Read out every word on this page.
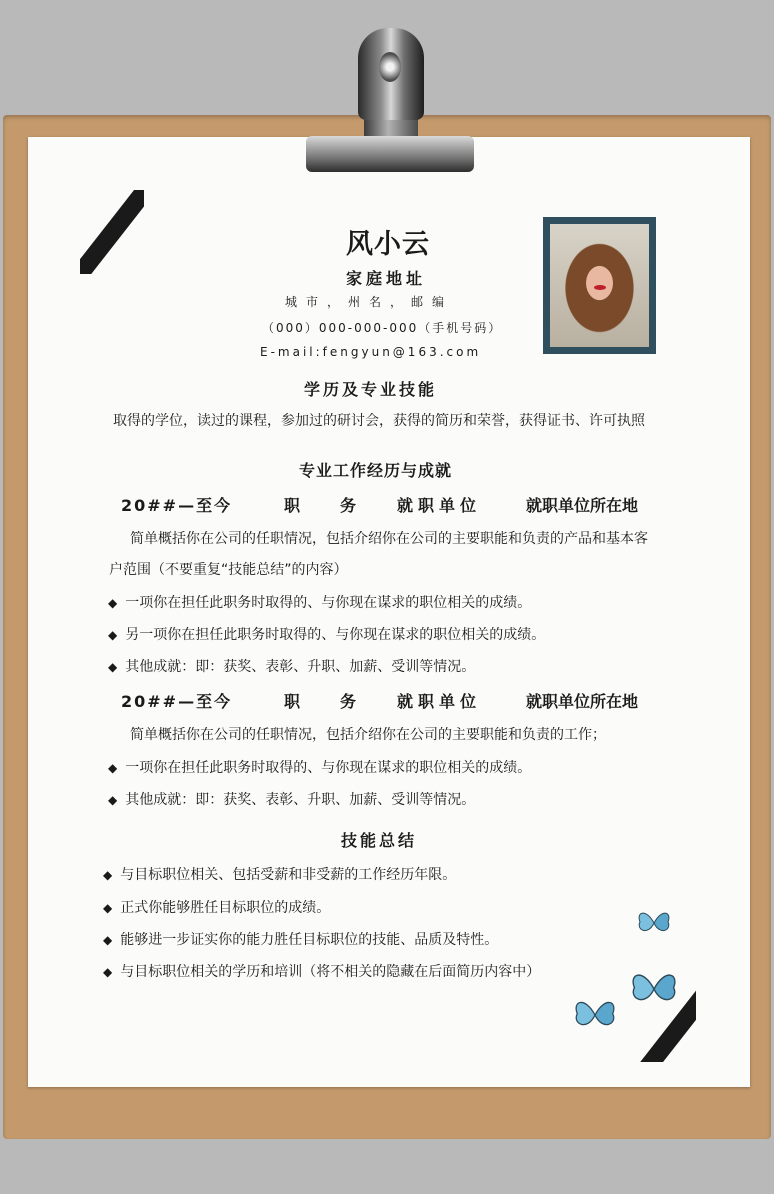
风小云
家庭地址
城市，州名，邮编
（000）000-000-000（手机号码）
E-mail:fengyun@163.com
学历及专业技能
取得的学位，读过的课程，参加过的研讨会，获得的简历和荣誉，获得证书、许可执照
专业工作经历与成就
20##—至今	职　务 就职单位	就职单位所在地
简单概括你在公司的任职情况，包括介绍你在公司的主要职能和负责的产品和基本客
户范围（不要重复“技能总结”的内容）
◆ 一项你在担任此职务时取得的、与你现在谋求的职位相关的成绩。
◆ 另一项你在担任此职务时取得的、与你现在谋求的职位相关的成绩。
◆ 其他成就：即：获奖、表彰、升职、加薪、受训等情况。
20##—至今	职　务 就职单位	就职单位所在地
简单概括你在公司的任职情况，包括介绍你在公司的主要职能和负责的工作；
◆ 一项你在担任此职务时取得的、与你现在谋求的职位相关的成绩。
◆ 其他成就：即：获奖、表彰、升职、加薪、受训等情况。
技能总结
◆ 与目标职位相关、包括受薪和非受薪的工作经历年限。
◆ 正式你能够胜任目标职位的成绩。
◆ 能够进一步证实你的能力胜任目标职位的技能、品质及特性。
◆ 与目标职位相关的学历和培训（将不相关的隐藏在后面简历内容中）
